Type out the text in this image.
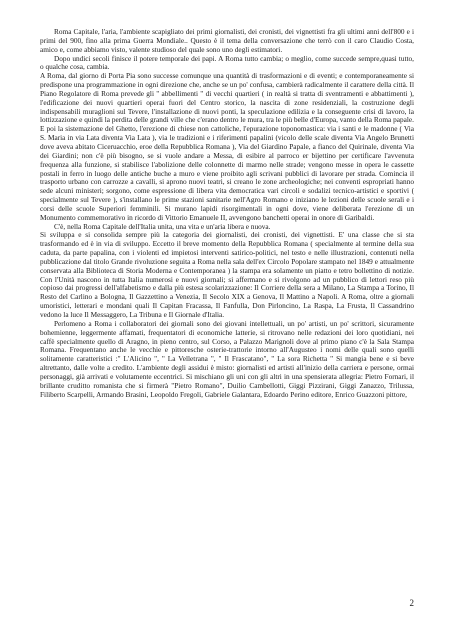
Roma Capitale, l'aria, l'ambiente scapigliato dei primi giornalisti, dei cronisti, dei vignettisti fra gli ultimi anni dell'800 e i primi del 900, fino alla prima Guerra Mondiale.. Questo è il tema della conversazione che terrò con il caro Claudio Costa, amico e, come abbiamo visto, valente studioso del quale sono uno degli estimatori.

Dopo undici secoli finisce il potere temporale dei papi. A Roma tutto cambia; o meglio, come succede sempre,quasi tutto, o qualche cosa, cambia.

A Roma, dal giorno di Porta Pia sono successe comunque una quantità di trasformazioni e di eventi; e contemporaneamente si predispone una programmazione in ogni direzione che, anche se un po' confusa, cambierà radicalmente il carattere della città. Il Piano Regolatore di Roma prevede gli " abbellimenti " di vecchi quartieri ( in realtà si tratta di sventramenti e abbattimenti ), l'edificazione dei nuovi quartieri operai fuori del Centro storico, la nascita di zone residenziali, la costruzione degli indispensabili muraglioni sul Tevere, l'installazione di nuovi ponti, la speculazione edilizia e la conseguente crisi di lavoro, la lottizzazione e quindi la perdita delle grandi ville che c'erano dentro le mura, tra le più belle d'Europa, vanto della Roma papale. E poi la sistemazione del Ghetto, l'erezione di chiese non cattoliche, l'epurazione toponomastica: via i santi e le madonne ( Via S. Maria in via Lata diventa Via Lata ), via le tradizioni e i riferimenti papalini (vicolo delle scale diventa Via Angelo Brunetti dove aveva abitato Ciceruacchio, eroe della Repubblica Romana ), Via del Giardino Papale, a fianco del Quirinale, diventa Via dei Giardini; non c'è più bisogno, se si vuole andare a Messa, di esibire al parroco er bijettino per certificare l'avvenuta frequenza alla funzione, si stabilisce l'abolizione delle colonnette di marmo nelle strade; vengono messe in opera le cassette postali in ferro in luogo delle antiche buche a muro e viene proibito agli scrivani pubblici di lavorare per strada. Comincia il trasporto urbano con carrozze a cavalli, si aprono nuovi teatri, si creano le zone archeologiche; nei conventi espropriati hanno sede alcuni ministeri; sorgono, come espressione di libera vita democratica vari circoli e sodalizi tecnico-artistici e sportivi ( specialmente sul Tevere ), s'installano le prime stazioni sanitarie nell'Agro Romano e iniziano le lezioni delle scuole serali e i corsi delle scuole Superiori femminili. Si murano lapidi risorgimentali in ogni dove, viene deliberata l'erezione di un Monumento commemorativo in ricordo di Vittorio Emanuele II, avvengono banchetti operai in onore di Garibaldi.

C'è, nella Roma Capitale dell'Italia unita, una vita e un'aria libera e nuova.

Si sviluppa e si consolida sempre più la categoria dei giornalisti, dei cronisti, dei vignettisti. E' una classe che si sta trasformando ed è in via di sviluppo. Eccetto il breve momento della Repubblica Romana ( specialmente al termine della sua caduta, da parte papalina, con i violenti ed impietosi interventi satirico-politici, nel testo e nelle illustrazioni, contenuti nella pubblicazione dal titolo Grande rivoluzione seguita a Roma nella sala dell'ex Circolo Popolare stampato nel 1849 e attualmente conservata alla Biblioteca di Storia Moderna e Contemporanea ) la stampa era solamente un piatto e tetro bollettino di notizie. Con l'Unità nascono in tutta Italia numerosi e nuovi giornali; si affermano e si rivolgono ad un pubblico di lettori reso più copioso dai progressi dell'alfabetismo e dalla più estesa scolarizzazione: Il Corriere della sera a Milano, La Stampa a Torino, Il Resto del Carlino a Bologna, Il Gazzettino a Venezia, Il Secolo XIX a Genova, Il Mattino a Napoli. A Roma, oltre a giornali umoristici, letterari e mondani quali Il Capitan Fracassa, Il Fanfulla, Don Pirloncino, La Raspa, La Frusta, Il Cassandrino vedono la luce Il Messaggero, La Tribuna e Il Giornale d'Italia.

Perlomeno a Roma i collaboratori dei giornali sono dei giovani intellettuali, un po' artisti, un po' scrittori, sicuramente bohemienne, leggermente affamati, frequentatori di economiche latterie, si ritrovano nelle redazioni dei loro quotidiani, nei caffè specialmente quello di Aragno, in pieno centro, sul Corso, a Palazzo Marignoli dove al primo piano c'è la Sala Stampa Romana. Frequentano anche le vecchie e pittoresche osterie-trattorie intorno all'Augusteo i nomi delle quali sono quelli solitamente caratteristici :" L'Alicino ", " La Velletrana ", " Il Frascatano", " La sora Richetta " Si mangia bene e si beve altrettanto, dalle volte a credito. L'ambiente degli assidui è misto: giornalisti ed artisti all'inizio della carriera e persone, ormai personaggi, già arrivati e volutamente eccentrici. Si mischiano gli uni con gli altri in una spensierata allegria: Pietro Fornari, il brillante cruditto romanista che si firmerà "Pietro Romano", Duilio Cambellotti, Giggi Pizzirani, Giggi Zanazzo, Trilussa, Filiberto Scarpelli, Armando Brasini, Leopoldo Fregoli, Gabriele Galantara, Edoardo Perino editore, Enrico Guazzoni pittore,

2
